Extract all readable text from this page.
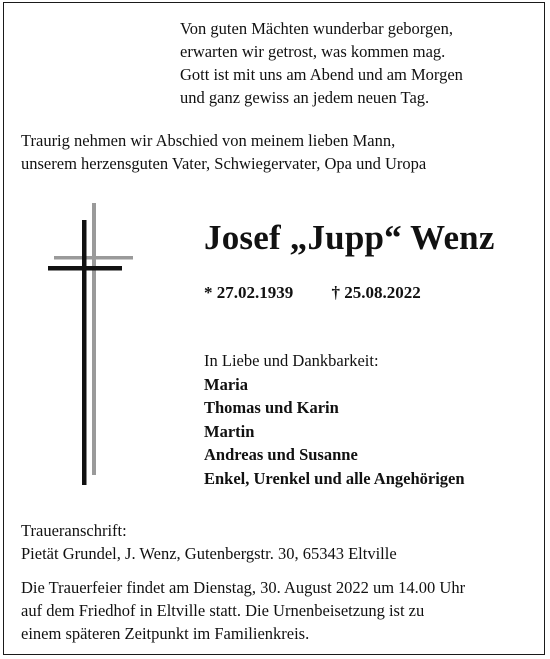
Von guten Mächten wunderbar geborgen,
erwarten wir getrost, was kommen mag.
Gott ist mit uns am Abend und am Morgen
und ganz gewiss an jedem neuen Tag.
Traurig nehmen wir Abschied von meinem lieben Mann,
unserem herzensguten Vater, Schwiegervater, Opa und Uropa
Josef „Jupp“ Wenz
* 27.02.1939 † 25.08.2022
In Liebe und Dankbarkeit:
Maria
Thomas und Karin
Martin
Andreas und Susanne
Enkel, Urenkel und alle Angehörigen
Traueranschrift:
Pietät Grundel, J. Wenz, Gutenbergstr. 30, 65343 Eltville
Die Trauerfeier findet am Dienstag, 30. August 2022 um 14.00 Uhr
auf dem Friedhof in Eltville statt. Die Urnenbeisetzung ist zu
einem späteren Zeitpunkt im Familienkreis.
